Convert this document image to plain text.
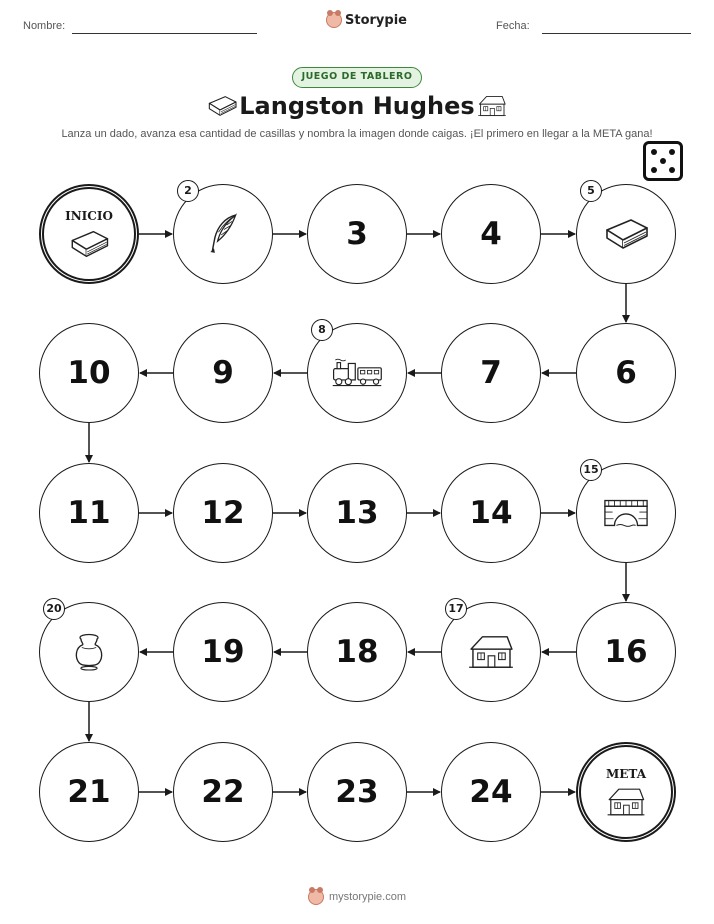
Nombre:	Storypie	Fecha:
JUEGO DE TABLERO
Langston Hughes
Lanza un dado, avanza esa cantidad de casillas y nombra la imagen donde caigas. ¡El primero en llegar a la META gana!
INICIO
2
3	4
5
6
7
8
9
10
11	12	13	14
15
16
17
18
19
20
21	22	23	24	META
mystorypie.com
